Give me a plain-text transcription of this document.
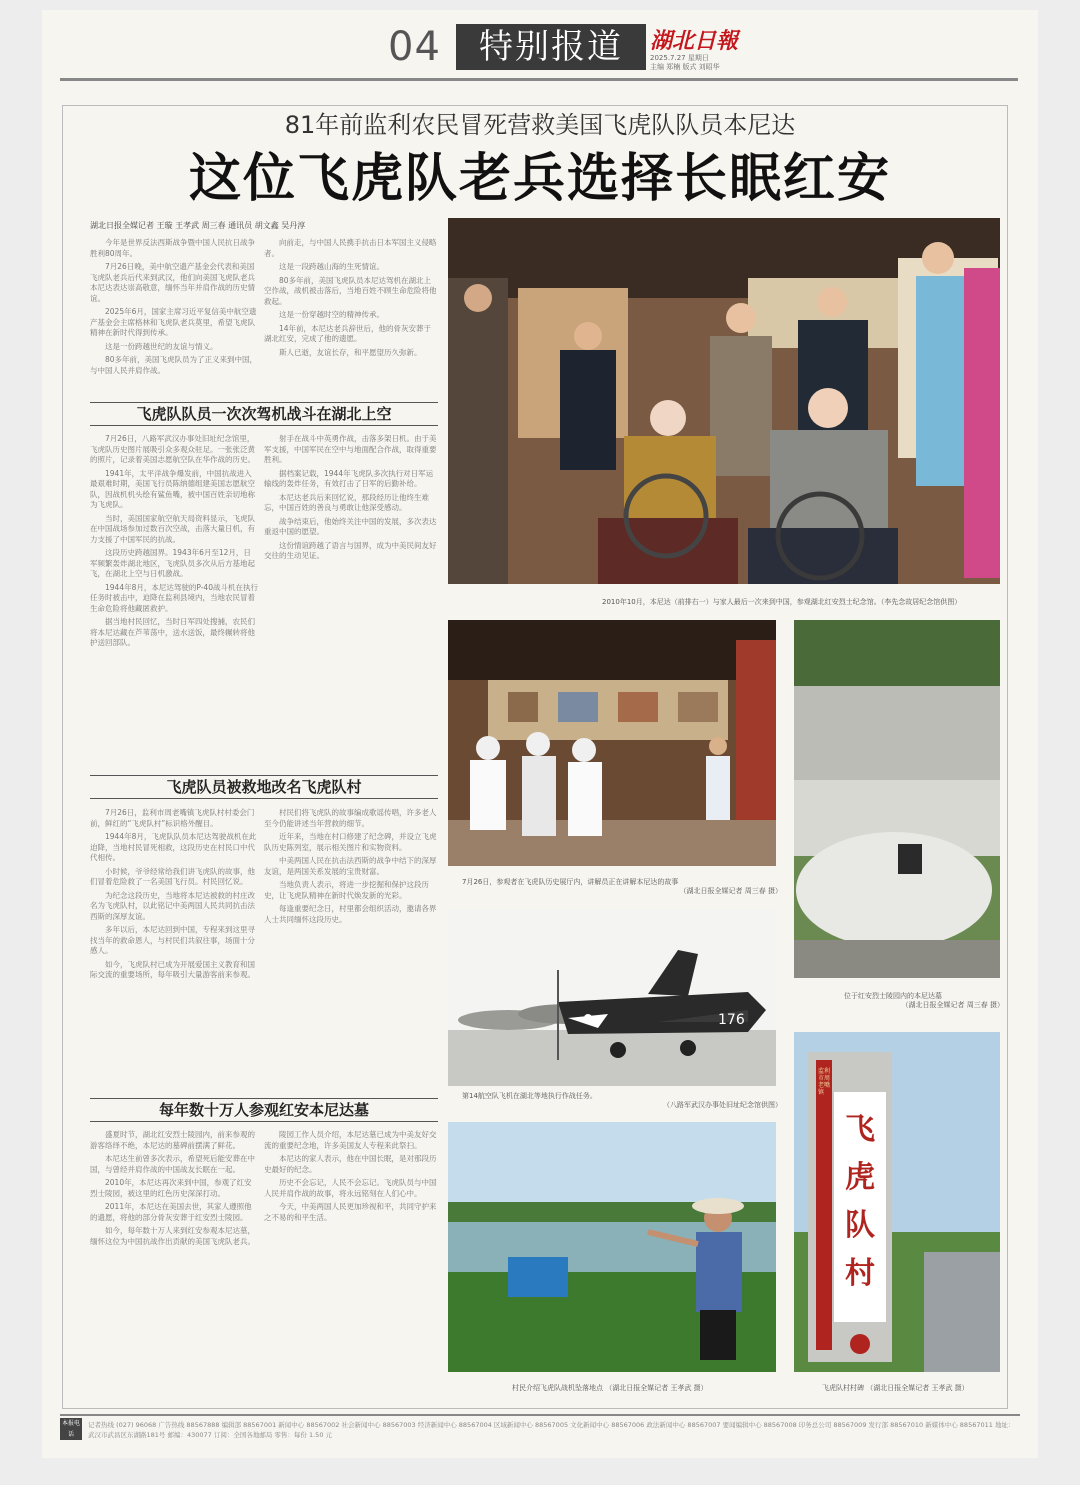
04	特别报道	湖北日報
2025.7.27 星期日
主编 郑楠 版式 刘昭华
81年前监利农民冒死营救美国飞虎队队员本尼达
这位飞虎队老兵选择长眠红安
湖北日报全媒记者 王璇 王孝武 周三春 通讯员 胡文鑫 吴丹淳

今年是世界反法西斯战争暨中国人民抗日战争胜利80周年。

7月26日晚，美中航空遗产基金会代表和美国飞虎队老兵后代来到武汉，他们向美国飞虎队老兵本尼达表达崇高敬意，缅怀当年并肩作战的历史情谊。

2025年6月，国家主席习近平复信美中航空遗产基金会主席格林和飞虎队老兵莫里，希望飞虎队精神在新时代得到传承。

这是一份跨越世纪的友谊与情义。

80多年前，美国飞虎队员为了正义来到中国，与中国人民并肩作战。

向前走，与中国人民携手抗击日本军国主义侵略者。

这是一段跨越山海的生死情谊。

80多年前，美国飞虎队员本尼达驾机在湖北上空作战，战机被击落后，当地百姓不顾生命危险将他救起。

这是一份穿越时空的精神传承。

14年前，本尼达老兵辞世后，他的骨灰安葬于湖北红安，完成了他的遗愿。

斯人已逝，友谊长存，和平愿望历久弥新。

飞虎队队员一次次驾机战斗在湖北上空

7月26日，八路军武汉办事处旧址纪念馆里，飞虎队历史图片展吸引众多观众驻足。一张张泛黄的照片，记录着美国志愿航空队在华作战的历史。

1941年，太平洋战争爆发前，中国抗战进入最艰难时期，美国飞行员陈纳德组建美国志愿航空队，因战机机头绘有鲨鱼嘴，被中国百姓亲切地称为飞虎队。

当时，美国国家航空航天局资料显示，飞虎队在中国战场参加过数百次空战，击落大量日机，有力支援了中国军民的抗战。

这段历史跨越国界。1943年6月至12月，日军频繁轰炸湖北地区，飞虎队员多次从后方基地起飞，在湖北上空与日机激战。

1944年8月，本尼达驾驶的P-40战斗机在执行任务时被击中，迫降在监利县境内，当地农民冒着生命危险将他藏匿救护。

据当地村民回忆，当时日军四处搜捕，农民们将本尼达藏在芦苇荡中，送水送饭，最终辗转将他护送回部队。

射手在战斗中英勇作战，击落多架日机。由于美军支援，中国军民在空中与地面配合作战，取得重要胜利。

据档案记载，1944年飞虎队多次执行对日军运输线的轰炸任务，有效打击了日军的后勤补给。

本尼达老兵后来回忆说，那段经历让他终生难忘，中国百姓的善良与勇敢让他深受感动。

战争结束后，他始终关注中国的发展，多次表达重返中国的愿望。

这份情谊跨越了语言与国界，成为中美民间友好交往的生动见证。

飞虎队员被救地改名飞虎队村

7月26日，监利市周老嘴镇飞虎队村村委会门前，鲜红的“飞虎队村”标识格外醒目。

1944年8月，飞虎队队员本尼达驾驶战机在此迫降，当地村民冒死相救，这段历史在村民口中代代相传。

小时候，爷爷经常给我们讲飞虎队的故事，他们冒着危险救了一名美国飞行员。村民回忆说。

为纪念这段历史，当地将本尼达被救的村庄改名为飞虎队村，以此铭记中美两国人民共同抗击法西斯的深厚友谊。

多年以后，本尼达回到中国，专程来到这里寻找当年的救命恩人，与村民们共叙往事，场面十分感人。

如今，飞虎队村已成为开展爱国主义教育和国际交流的重要场所，每年吸引大量游客前来参观。

村民们将飞虎队的故事编成歌谣传唱，许多老人至今仍能讲述当年营救的细节。

近年来，当地在村口修建了纪念碑，并设立飞虎队历史陈列室，展示相关图片和实物资料。

中美两国人民在抗击法西斯的战争中结下的深厚友谊，是两国关系发展的宝贵财富。

当地负责人表示，将进一步挖掘和保护这段历史，让飞虎队精神在新时代焕发新的光彩。

每逢重要纪念日，村里都会组织活动，邀请各界人士共同缅怀这段历史。

每年数十万人参观红安本尼达墓

盛夏时节，湖北红安烈士陵园内，前来参观的游客络绎不绝，本尼达的墓碑前摆满了鲜花。

本尼达生前曾多次表示，希望死后能安葬在中国，与曾经并肩作战的中国战友长眠在一起。

2010年，本尼达再次来到中国，参观了红安烈士陵园，被这里的红色历史深深打动。

2011年，本尼达在美国去世，其家人遵照他的遗愿，将他的部分骨灰安葬于红安烈士陵园。

如今，每年数十万人来到红安参观本尼达墓，缅怀这位为中国抗战作出贡献的美国飞虎队老兵。

陵园工作人员介绍，本尼达墓已成为中美友好交流的重要纪念地，许多美国友人专程来此祭扫。

本尼达的家人表示，他在中国长眠，是对那段历史最好的纪念。

历史不会忘记，人民不会忘记。飞虎队员与中国人民并肩作战的故事，将永远铭刻在人们心中。

今天，中美两国人民更加珍视和平，共同守护来之不易的和平生活。

2010年10月，本尼达（前排右一）与家人最后一次来到中国，参观湖北红安烈士纪念馆。（李先念故居纪念馆供图）
7月26日，参观者在飞虎队历史展厅内，讲解员正在讲解本尼达的故事
（湖北日报全媒记者 周三春 摄）
位于红安烈士陵园内的本尼达墓
（湖北日报全媒记者 周三春 摄）
176
第14航空队飞机在湖北等地执行作战任务。
（八路军武汉办事处旧址纪念馆供图）
村民介绍飞虎队战机坠落地点 （湖北日报全媒记者 王孝武 摄）
监利市周老嘴镇
飞虎队村
飞虎队村村碑 （湖北日报全媒记者 王孝武 摄）
本报电话
记者热线 (027) 96068 广告热线 88567888 编辑部 88567001 新闻中心 88567002 社会新闻中心 88567003 经济新闻中心 88567004 区域新闻中心 88567005 文化新闻中心 88567006 政法新闻中心 88567007 要闻编辑中心 88567008 印务总公司 88567009 发行部 88567010 新媒体中心 88567011 地址：武汉市武昌区东湖路181号 邮编：430077 订阅：全国各地邮局 零售：每份 1.50 元
